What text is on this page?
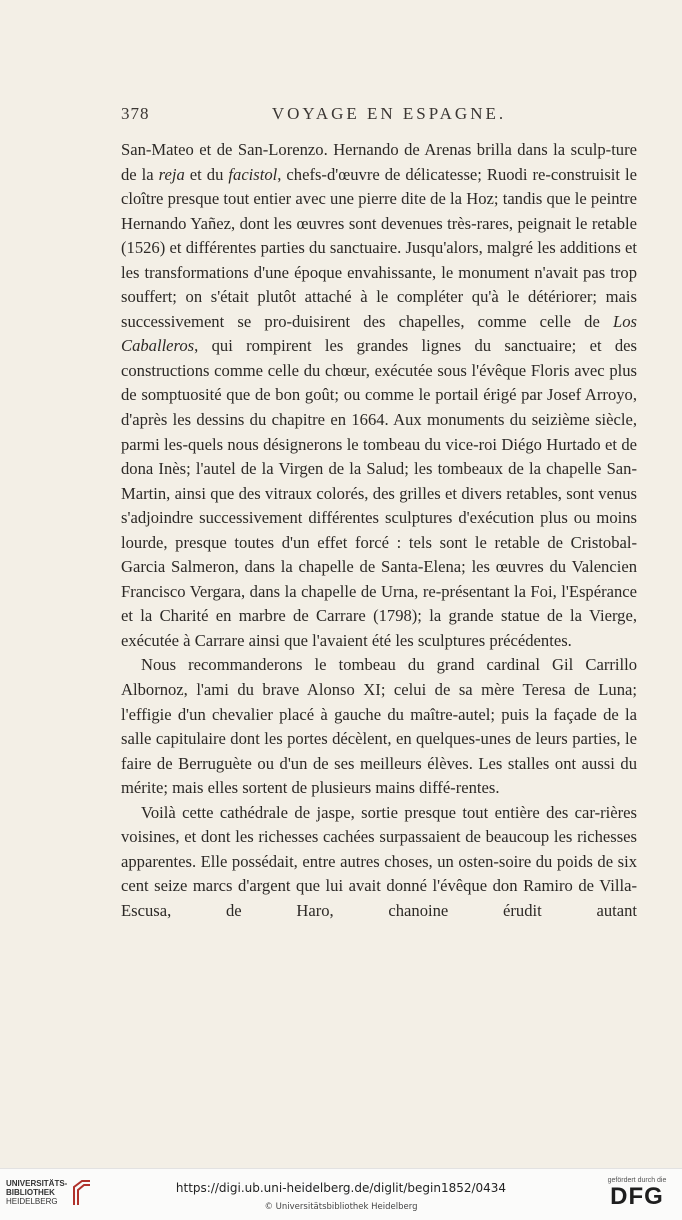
378	VOYAGE EN ESPAGNE.

San-Mateo et de San-Lorenzo. Hernando de Arenas brilla dans la sculp-ture de la reja et du facistol, chefs-d'œuvre de délicatesse; Ruodi re-construisit le cloître presque tout entier avec une pierre dite de la Hoz; tandis que le peintre Hernando Yañez, dont les œuvres sont devenues très-rares, peignait le retable (1526) et différentes parties du sanctuaire. Jusqu'alors, malgré les additions et les transformations d'une époque envahissante, le monument n'avait pas trop souffert; on s'était plutôt attaché à le compléter qu'à le détériorer; mais successivement se pro-duisirent des chapelles, comme celle de Los Caballeros, qui rompirent les grandes lignes du sanctuaire; et des constructions comme celle du chœur, exécutée sous l'évêque Floris avec plus de somptuosité que de bon goût; ou comme le portail érigé par Josef Arroyo, d'après les dessins du chapitre en 1664. Aux monuments du seizième siècle, parmi les-quels nous désignerons le tombeau du vice-roi Diégo Hurtado et de dona Inès; l'autel de la Virgen de la Salud; les tombeaux de la chapelle San-Martin, ainsi que des vitraux colorés, des grilles et divers retables, sont venus s'adjoindre successivement différentes sculptures d'exécution plus ou moins lourde, presque toutes d'un effet forcé : tels sont le retable de Cristobal-Garcia Salmeron, dans la chapelle de Santa-Elena; les œuvres du Valencien Francisco Vergara, dans la chapelle de Urna, re-présentant la Foi, l'Espérance et la Charité en marbre de Carrare (1798); la grande statue de la Vierge, exécutée à Carrare ainsi que l'avaient été les sculptures précédentes.

Nous recommanderons le tombeau du grand cardinal Gil Carrillo Albornoz, l'ami du brave Alonso XI; celui de sa mère Teresa de Luna; l'effigie d'un chevalier placé à gauche du maître-autel; puis la façade de la salle capitulaire dont les portes décèlent, en quelques-unes de leurs parties, le faire de Berruguète ou d'un de ses meilleurs élèves. Les stalles ont aussi du mérite; mais elles sortent de plusieurs mains diffé-rentes.

Voilà cette cathédrale de jaspe, sortie presque tout entière des car-rières voisines, et dont les richesses cachées surpassaient de beaucoup les richesses apparentes. Elle possédait, entre autres choses, un osten-soire du poids de six cent seize marcs d'argent que lui avait donné l'évêque don Ramiro de Villa-Escusa, de Haro, chanoine érudit autant

UNIVERSITÄTS-
BIBLIOTHEK
HEIDELBERG
https://digi.ub.uni-heidelberg.de/diglit/begin1852/0434
© Universitätsbibliothek Heidelberg
gefördert durch die
DFG
